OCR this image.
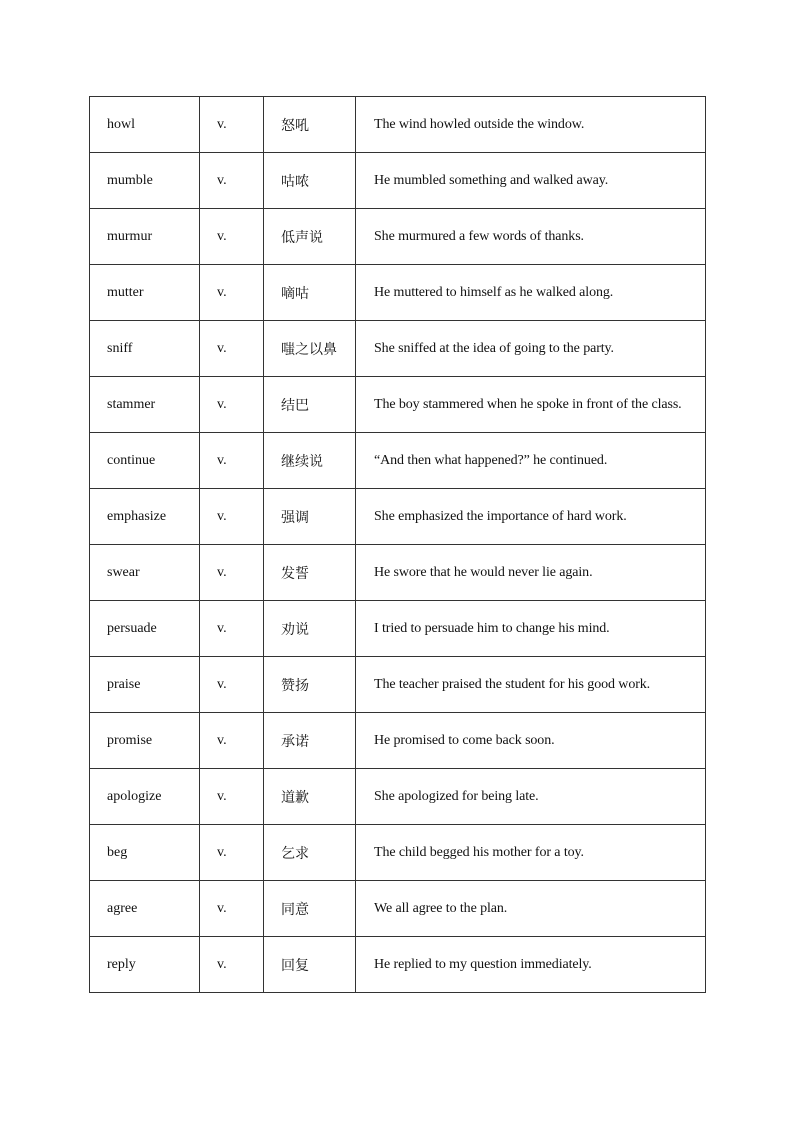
howl	v.	怒吼	The wind howled outside the window.
mumble	v.	咕哝	He mumbled something and walked away.
murmur	v.	低声说	She murmured a few words of thanks.
mutter	v.	嘀咕	He muttered to himself as he walked along.
sniff	v.	嗤之以鼻	She sniffed at the idea of going to the party.
stammer	v.	结巴	The boy stammered when he spoke in front of the class.
continue	v.	继续说	“And then what happened?” he continued.
emphasize	v.	强调	She emphasized the importance of hard work.
swear	v.	发誓	He swore that he would never lie again.
persuade	v.	劝说	I tried to persuade him to change his mind.
praise	v.	赞扬	The teacher praised the student for his good work.
promise	v.	承诺	He promised to come back soon.
apologize	v.	道歉	She apologized for being late.
beg	v.	乞求	The child begged his mother for a toy.
agree	v.	同意	We all agree to the plan.
reply	v.	回复	He replied to my question immediately.
